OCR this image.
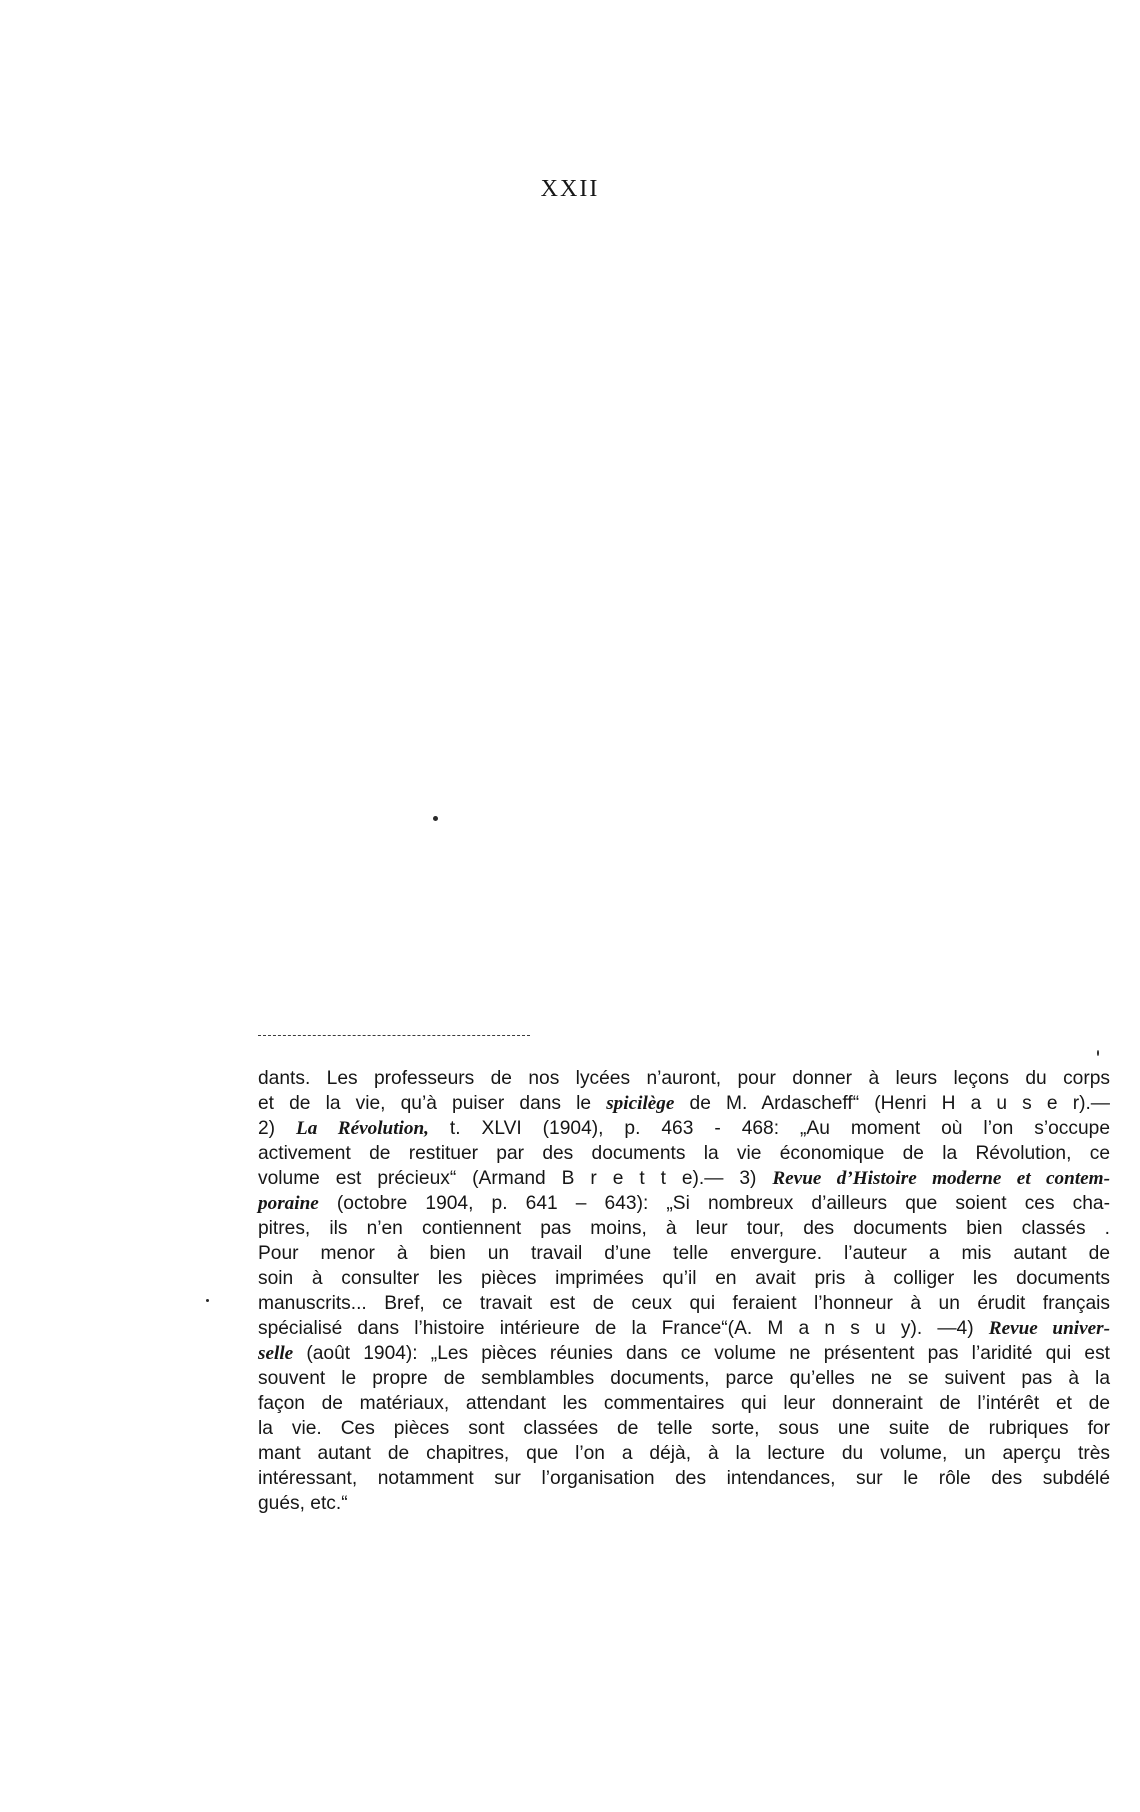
XXII
dants. Les professeurs de nos lycées n’auront, pour donner à leurs leçons du corps
et de la vie, qu’à puiser dans le spicilège de M. Ardascheff“ (Henri H a u s e r).—
2) La Révolution, t. XLVI (1904), p. 463 - 468: „Au moment où l’on s’occupe
activement de restituer par des documents la vie économique de la Révolution, ce
volume est précieux“ (Armand B r e t t e).— 3) Revue d’Histoire moderne et contem-
poraine (octobre 1904, p. 641 – 643): „Si nombreux d’ailleurs que soient ces cha-
pitres, ils n’en contiennent pas moins, à leur tour, des documents bien classés .
Pour menor à bien un travail d’une telle envergure. l’auteur a mis autant de
soin à consulter les pièces imprimées qu’il en avait pris à colliger les documents
manuscrits... Bref, ce travait est de ceux qui feraient l’honneur à un érudit français
spécialisé dans l’histoire intérieure de la France“(A. M a n s u y). —4) Revue univer-
selle (août 1904): „Les pièces réunies dans ce volume ne présentent pas l’aridité qui est
souvent le propre de semblambles documents, parce qu’elles ne se suivent pas à la
façon de matériaux, attendant les commentaires qui leur donneraint de l’intérêt et de
la vie. Ces pièces sont classées de telle sorte, sous une suite de rubriques for
mant autant de chapitres, que l’on a déjà, à la lecture du volume, un aperçu très
intéressant, notamment sur l’organisation des intendances, sur le rôle des subdélé
gués, etc.“
